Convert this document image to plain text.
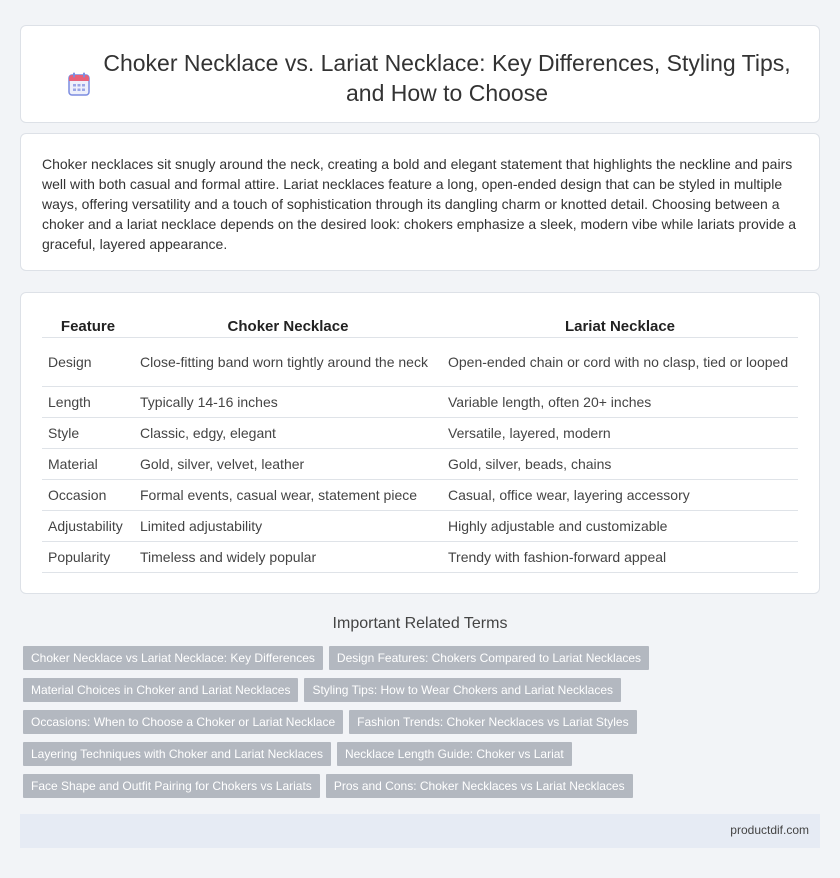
Choker Necklace vs. Lariat Necklace: Key Differences, Styling Tips, and How to Choose

Choker necklaces sit snugly around the neck, creating a bold and elegant statement that highlights the neckline and pairs well with both casual and formal attire. Lariat necklaces feature a long, open-ended design that can be styled in multiple ways, offering versatility and a touch of sophistication through its dangling charm or knotted detail. Choosing between a choker and a lariat necklace depends on the desired look: chokers emphasize a sleek, modern vibe while lariats provide a graceful, layered appearance.

Feature	Choker Necklace	Lariat Necklace
Design	Close-fitting band worn tightly around the neck	Open-ended chain or cord with no clasp, tied or looped
Length	Typically 14-16 inches	Variable length, often 20+ inches
Style	Classic, edgy, elegant	Versatile, layered, modern
Material	Gold, silver, velvet, leather	Gold, silver, beads, chains
Occasion	Formal events, casual wear, statement piece	Casual, office wear, layering accessory
Adjustability	Limited adjustability	Highly adjustable and customizable
Popularity	Timeless and widely popular	Trendy with fashion-forward appeal
Important Related Terms
Choker Necklace vs Lariat Necklace: Key Differences	Design Features: Chokers Compared to Lariat Necklaces
Material Choices in Choker and Lariat Necklaces	Styling Tips: How to Wear Chokers and Lariat Necklaces
Occasions: When to Choose a Choker or Lariat Necklace	Fashion Trends: Choker Necklaces vs Lariat Styles
Layering Techniques with Choker and Lariat Necklaces	Necklace Length Guide: Choker vs Lariat
Face Shape and Outfit Pairing for Chokers vs Lariats	Pros and Cons: Choker Necklaces vs Lariat Necklaces
productdif.com
